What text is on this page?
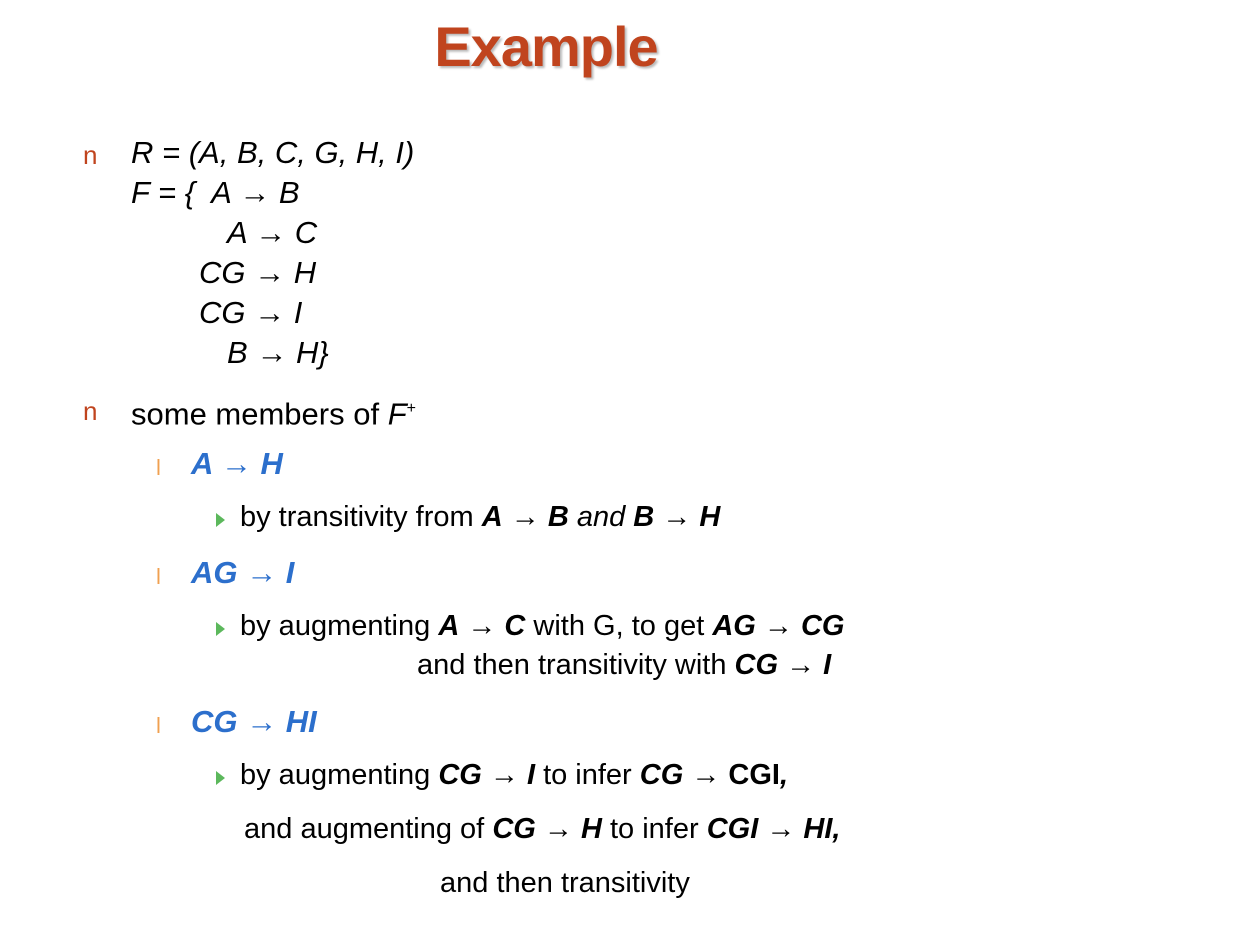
Example
n R = (A, B, C, G, H, I)
F = { A → B
A → C
CG → H
CG → I
B → H}
n some members of F+
l A → H
by transitivity from A → B and B → H
l AG → I
by augmenting A → C with G, to get AG → CG
and then transitivity with CG → I
l CG → HI
by augmenting CG → I to infer CG → CGI,
and augmenting of CG → H to infer CGI → HI,
and then transitivity
